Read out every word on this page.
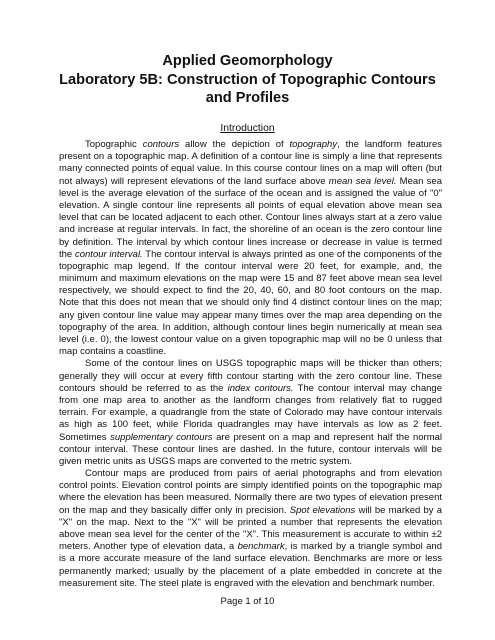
Applied Geomorphology
Laboratory 5B: Construction of Topographic Contours
and Profiles
Introduction
Topographic contours allow the depiction of topography, the landform features
present on a topographic map. A definition of a contour line is simply a line that represents
many connected points of equal value. In this course contour lines on a map will often (but
not always) will represent elevations of the land surface above mean sea level. Mean sea
level is the average elevation of the surface of the ocean and is assigned the value of "0"
elevation. A single contour line represents all points of equal elevation above mean sea
level that can be located adjacent to each other. Contour lines always start at a zero value
and increase at regular intervals. In fact, the shoreline of an ocean is the zero contour line
by definition. The interval by which contour lines increase or decrease in value is termed
the contour interval. The contour interval is always printed as one of the components of the
topographic map legend. If the contour interval were 20 feet, for example, and, the
minimum and maximum elevations on the map were 15 and 87 feet above mean sea level
respectively, we should expect to find the 20, 40, 60, and 80 foot contours on the map.
Note that this does not mean that we should only find 4 distinct contour lines on the map;
any given contour line value may appear many times over the map area depending on the
topography of the area. In addition, although contour lines begin numerically at mean sea
level (i.e. 0), the lowest contour value on a given topographic map will no be 0 unless that
map contains a coastline.
Some of the contour lines on USGS topographic maps will be thicker than others;
generally they will occur at every fifth contour starting with the zero contour line. These
contours should be referred to as the index contours. The contour interval may change
from one map area to another as the landform changes from relatively flat to rugged
terrain. For example, a quadrangle from the state of Colorado may have contour intervals
as high as 100 feet, while Florida quadrangles may have intervals as low as 2 feet.
Sometimes supplementary contours are present on a map and represent half the normal
contour interval. These contour lines are dashed. In the future, contour intervals will be
given metric units as USGS maps are converted to the metric system.
Contour maps are produced from pairs of aerial photographs and from elevation
control points. Elevation control points are simply identified points on the topographic map
where the elevation has been measured. Normally there are two types of elevation present
on the map and they basically differ only in precision. Spot elevations will be marked by a
"X" on the map. Next to the "X" will be printed a number that represents the elevation
above mean sea level for the center of the "X". This measurement is accurate to within ±2
meters. Another type of elevation data, a benchmark, is marked by a triangle symbol and
is a more accurate measure of the land surface elevation. Benchmarks are more or less
permanently marked; usually by the placement of a plate embedded in concrete at the
measurement site. The steel plate is engraved with the elevation and benchmark number.
Page 1 of 10
